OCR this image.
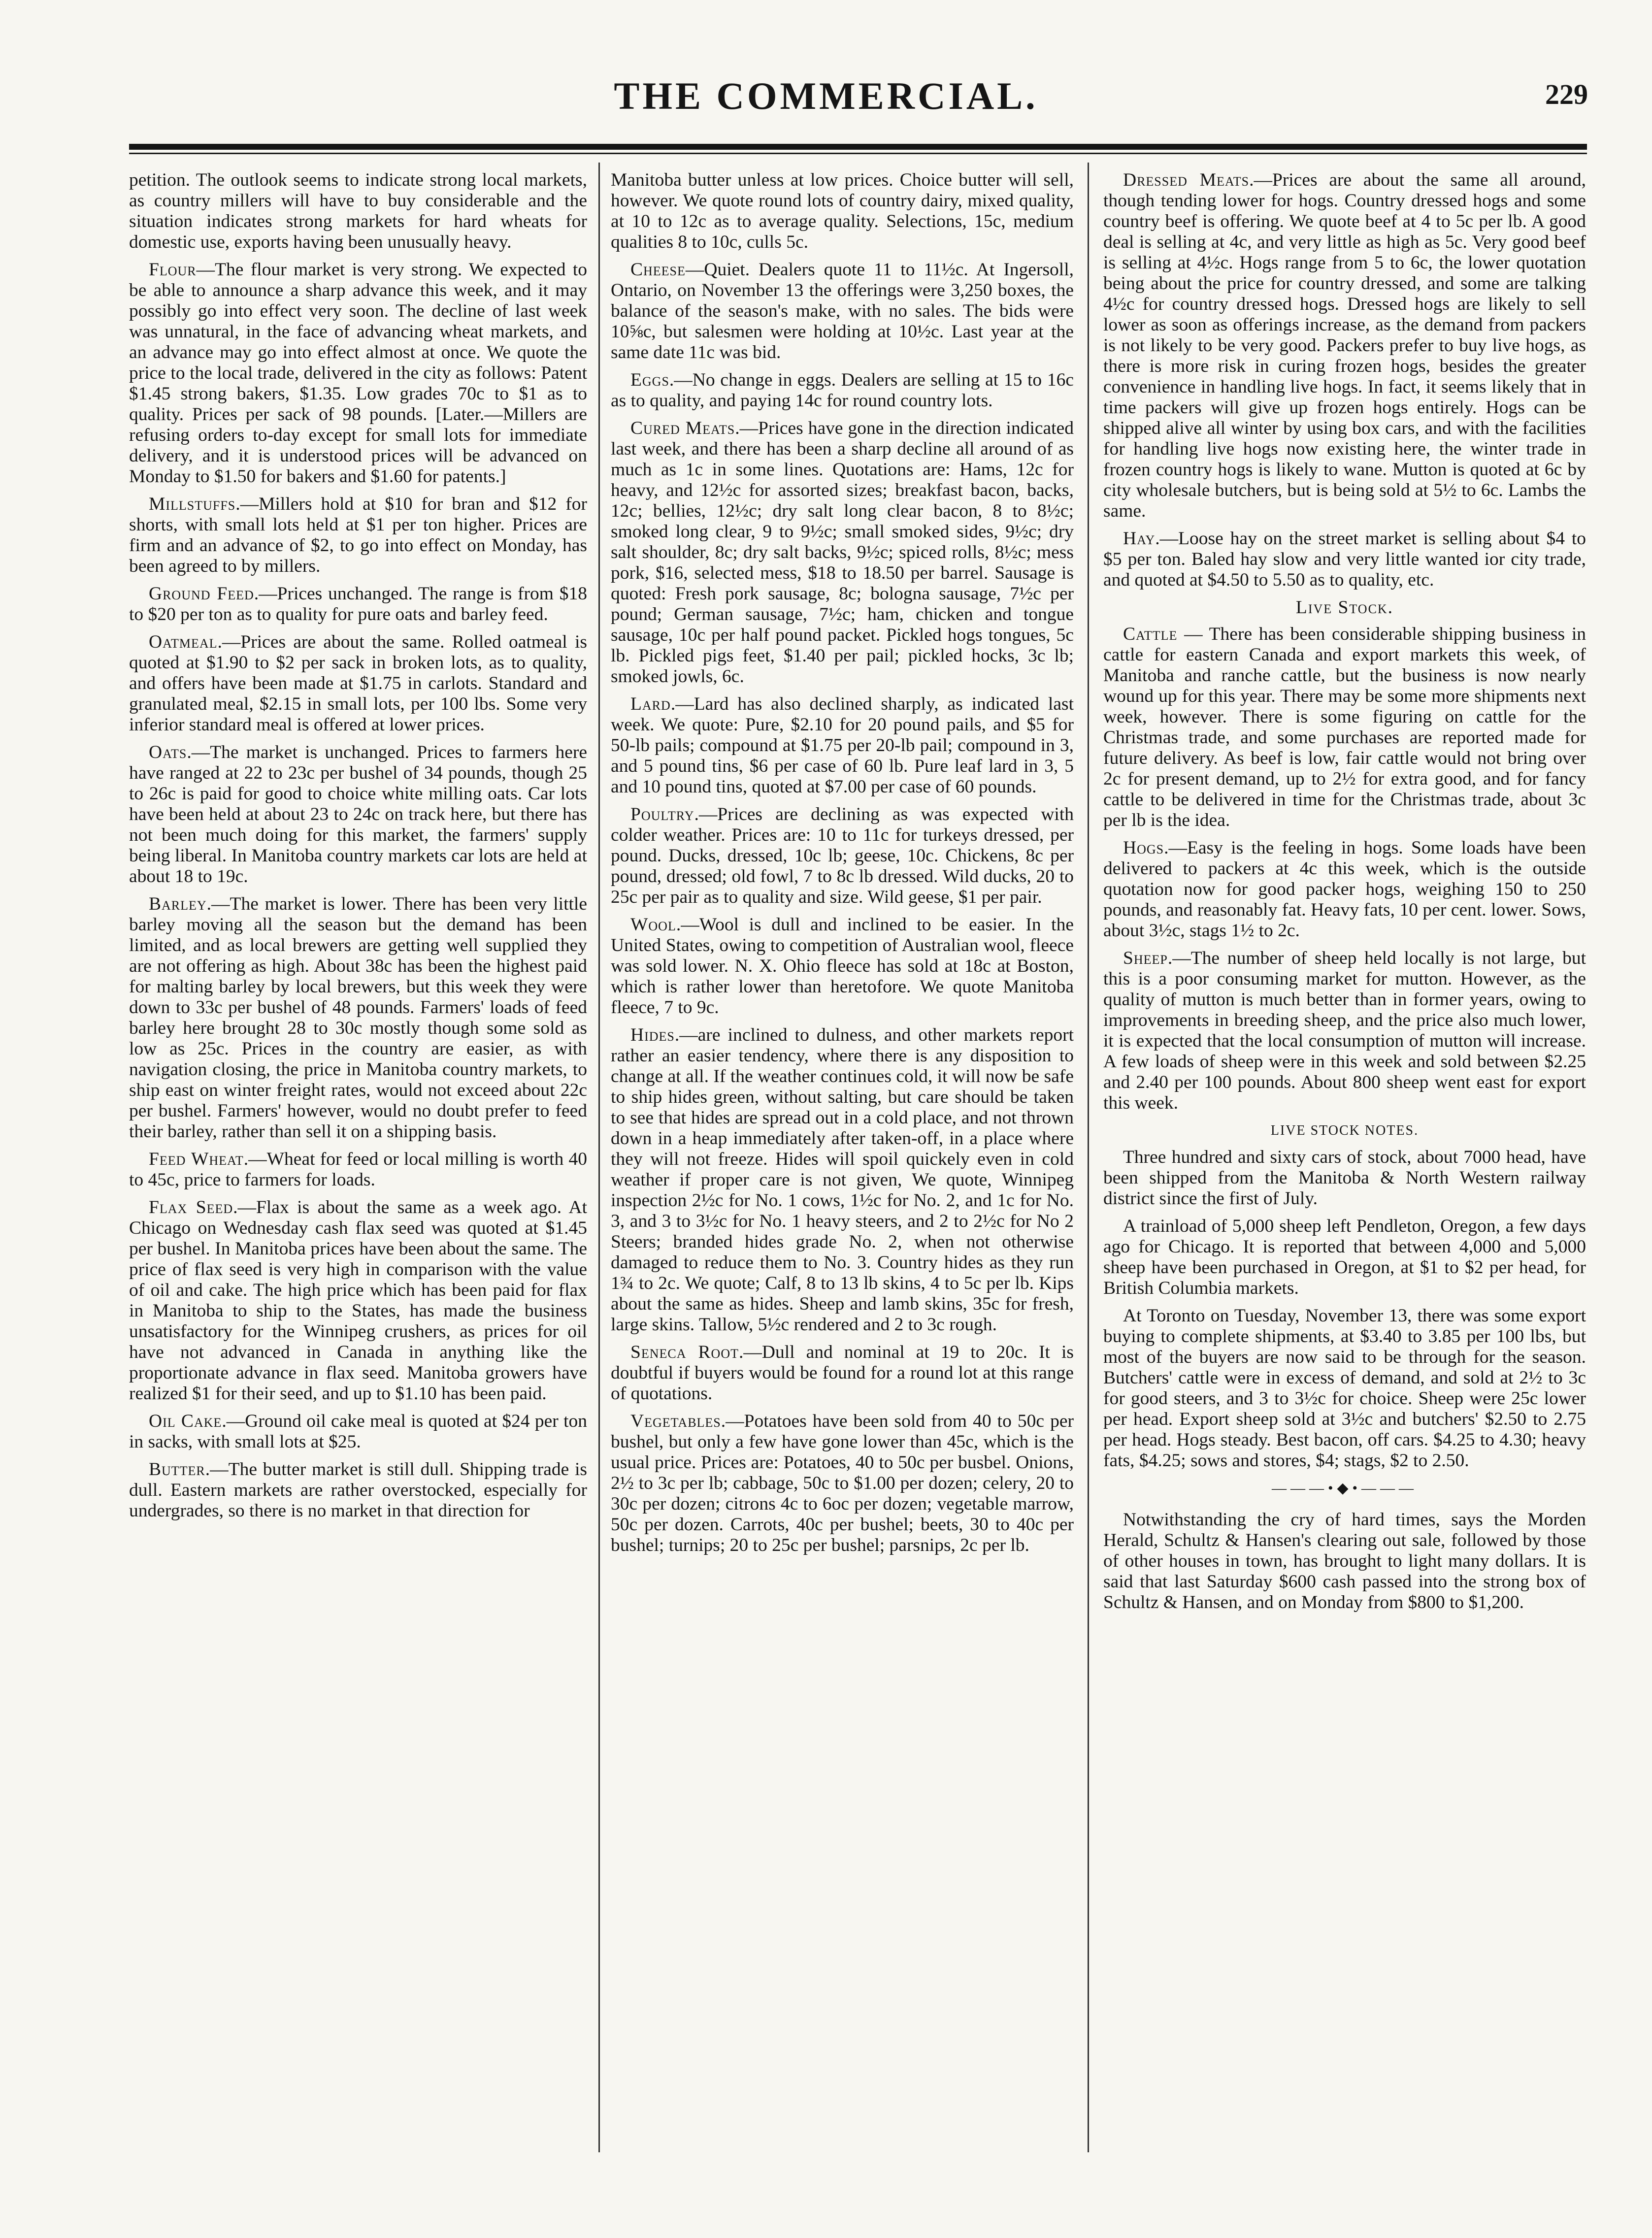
THE COMMERCIAL.	229

petition. The outlook seems to indicate strong local markets, as country millers will have to buy considerable and the situation indicates strong markets for hard wheats for domestic use, exports having been unusually heavy.

Flour—The flour market is very strong. We expected to be able to announce a sharp advance this week, and it may possibly go into effect very soon. The decline of last week was unnatural, in the face of advancing wheat markets, and an advance may go into effect almost at once. We quote the price to the local trade, delivered in the city as follows: Patent $1.45 strong bakers, $1.35. Low grades 70c to $1 as to quality. Prices per sack of 98 pounds. [Later.—Millers are refusing orders to-day except for small lots for immediate delivery, and it is understood prices will be advanced on Monday to $1.50 for bakers and $1.60 for patents.]

Millstuffs.—Millers hold at $10 for bran and $12 for shorts, with small lots held at $1 per ton higher. Prices are firm and an advance of $2, to go into effect on Monday, has been agreed to by millers.

Ground Feed.—Prices unchanged. The range is from $18 to $20 per ton as to quality for pure oats and barley feed.

Oatmeal.—Prices are about the same. Rolled oatmeal is quoted at $1.90 to $2 per sack in broken lots, as to quality, and offers have been made at $1.75 in carlots. Standard and granulated meal, $2.15 in small lots, per 100 lbs. Some very inferior standard meal is offered at lower prices.

Oats.—The market is unchanged. Prices to farmers here have ranged at 22 to 23c per bushel of 34 pounds, though 25 to 26c is paid for good to choice white milling oats. Car lots have been held at about 23 to 24c on track here, but there has not been much doing for this market, the farmers' supply being liberal. In Manitoba country markets car lots are held at about 18 to 19c.

Barley.—The market is lower. There has been very little barley moving all the season but the demand has been limited, and as local brewers are getting well supplied they are not offering as high. About 38c has been the highest paid for malting barley by local brewers, but this week they were down to 33c per bushel of 48 pounds. Farmers' loads of feed barley here brought 28 to 30c mostly though some sold as low as 25c. Prices in the country are easier, as with navigation closing, the price in Manitoba country markets, to ship east on winter freight rates, would not exceed about 22c per bushel. Farmers' however, would no doubt prefer to feed their barley, rather than sell it on a shipping basis.

Feed Wheat.—Wheat for feed or local milling is worth 40 to 45c, price to farmers for loads.

Flax Seed.—Flax is about the same as a week ago. At Chicago on Wednesday cash flax seed was quoted at $1.45 per bushel. In Manitoba prices have been about the same. The price of flax seed is very high in comparison with the value of oil and cake. The high price which has been paid for flax in Manitoba to ship to the States, has made the business unsatisfactory for the Winnipeg crushers, as prices for oil have not advanced in Canada in anything like the proportionate advance in flax seed. Manitoba growers have realized $1 for their seed, and up to $1.10 has been paid.

Oil Cake.—Ground oil cake meal is quoted at $24 per ton in sacks, with small lots at $25.

Butter.—The butter market is still dull. Shipping trade is dull. Eastern markets are rather overstocked, especially for undergrades, so there is no market in that direction for

Manitoba butter unless at low prices. Choice butter will sell, however. We quote round lots of country dairy, mixed quality, at 10 to 12c as to average quality. Selections, 15c, medium qualities 8 to 10c, culls 5c.

Cheese—Quiet. Dealers quote 11 to 11½c. At Ingersoll, Ontario, on November 13 the offerings were 3,250 boxes, the balance of the season's make, with no sales. The bids were 10⅝c, but salesmen were holding at 10½c. Last year at the same date 11c was bid.

Eggs.—No change in eggs. Dealers are selling at 15 to 16c as to quality, and paying 14c for round country lots.

Cured Meats.—Prices have gone in the direction indicated last week, and there has been a sharp decline all around of as much as 1c in some lines. Quotations are: Hams, 12c for heavy, and 12½c for assorted sizes; breakfast bacon, backs, 12c; bellies, 12½c; dry salt long clear bacon, 8 to 8½c; smoked long clear, 9 to 9½c; small smoked sides, 9½c; dry salt shoulder, 8c; dry salt backs, 9½c; spiced rolls, 8½c; mess pork, $16, selected mess, $18 to 18.50 per barrel. Sausage is quoted: Fresh pork sausage, 8c; bologna sausage, 7½c per pound; German sausage, 7½c; ham, chicken and tongue sausage, 10c per half pound packet. Pickled hogs tongues, 5c lb. Pickled pigs feet, $1.40 per pail; pickled hocks, 3c lb; smoked jowls, 6c.

Lard.—Lard has also declined sharply, as indicated last week. We quote: Pure, $2.10 for 20 pound pails, and $5 for 50-lb pails; compound at $1.75 per 20-lb pail; compound in 3, and 5 pound tins, $6 per case of 60 lb. Pure leaf lard in 3, 5 and 10 pound tins, quoted at $7.00 per case of 60 pounds.

Poultry.—Prices are declining as was expected with colder weather. Prices are: 10 to 11c for turkeys dressed, per pound. Ducks, dressed, 10c lb; geese, 10c. Chickens, 8c per pound, dressed; old fowl, 7 to 8c lb dressed. Wild ducks, 20 to 25c per pair as to quality and size. Wild geese, $1 per pair.

Wool.—Wool is dull and inclined to be easier. In the United States, owing to competition of Australian wool, fleece was sold lower. N. X. Ohio fleece has sold at 18c at Boston, which is rather lower than heretofore. We quote Manitoba fleece, 7 to 9c.

Hides.—are inclined to dulness, and other markets report rather an easier tendency, where there is any disposition to change at all. If the weather continues cold, it will now be safe to ship hides green, without salting, but care should be taken to see that hides are spread out in a cold place, and not thrown down in a heap immediately after taken-off, in a place where they will not freeze. Hides will spoil quickely even in cold weather if proper care is not given, We quote, Winnipeg inspection 2½c for No. 1 cows, 1½c for No. 2, and 1c for No. 3, and 3 to 3½c for No. 1 heavy steers, and 2 to 2½c for No 2 Steers; branded hides grade No. 2, when not otherwise damaged to reduce them to No. 3. Country hides as they run 1¾ to 2c. We quote; Calf, 8 to 13 lb skins, 4 to 5c per lb. Kips about the same as hides. Sheep and lamb skins, 35c for fresh, large skins. Tallow, 5½c rendered and 2 to 3c rough.

Seneca Root.—Dull and nominal at 19 to 20c. It is doubtful if buyers would be found for a round lot at this range of quotations.

Vegetables.—Potatoes have been sold from 40 to 50c per bushel, but only a few have gone lower than 45c, which is the usual price. Prices are: Potatoes, 40 to 50c per busbel. Onions, 2½ to 3c per lb; cabbage, 50c to $1.00 per dozen; celery, 20 to 30c per dozen; citrons 4c to 6oc per dozen; vegetable marrow, 50c per dozen. Carrots, 40c per bushel; beets, 30 to 40c per bushel; turnips; 20 to 25c per bushel; parsnips, 2c per lb.

Dressed Meats.—Prices are about the same all around, though tending lower for hogs. Country dressed hogs and some country beef is offering. We quote beef at 4 to 5c per lb. A good deal is selling at 4c, and very little as high as 5c. Very good beef is selling at 4½c. Hogs range from 5 to 6c, the lower quotation being about the price for country dressed, and some are talking 4½c for country dressed hogs. Dressed hogs are likely to sell lower as soon as offerings increase, as the demand from packers is not likely to be very good. Packers prefer to buy live hogs, as there is more risk in curing frozen hogs, besides the greater convenience in handling live hogs. In fact, it seems likely that in time packers will give up frozen hogs entirely. Hogs can be shipped alive all winter by using box cars, and with the facilities for handling live hogs now existing here, the winter trade in frozen country hogs is likely to wane. Mutton is quoted at 6c by city wholesale butchers, but is being sold at 5½ to 6c. Lambs the same.

Hay.—Loose hay on the street market is selling about $4 to $5 per ton. Baled hay slow and very little wanted ior city trade, and quoted at $4.50 to 5.50 as to quality, etc.

Live Stock.

Cattle — There has been considerable shipping business in cattle for eastern Canada and export markets this week, of Manitoba and ranche cattle, but the business is now nearly wound up for this year. There may be some more shipments next week, however. There is some figuring on cattle for the Christmas trade, and some purchases are reported made for future delivery. As beef is low, fair cattle would not bring over 2c for present demand, up to 2½ for extra good, and for fancy cattle to be delivered in time for the Christmas trade, about 3c per lb is the idea.

Hogs.—Easy is the feeling in hogs. Some loads have been delivered to packers at 4c this week, which is the outside quotation now for good packer hogs, weighing 150 to 250 pounds, and reasonably fat. Heavy fats, 10 per cent. lower. Sows, about 3½c, stags 1½ to 2c.

Sheep.—The number of sheep held locally is not large, but this is a poor consuming market for mutton. However, as the quality of mutton is much better than in former years, owing to improvements in breeding sheep, and the price also much lower, it is expected that the local consumption of mutton will increase. A few loads of sheep were in this week and sold between $2.25 and 2.40 per 100 pounds. About 800 sheep went east for export this week.

LIVE STOCK NOTES.

Three hundred and sixty cars of stock, about 7000 head, have been shipped from the Manitoba & North Western railway district since the first of July.

A trainload of 5,000 sheep left Pendleton, Oregon, a few days ago for Chicago. It is reported that between 4,000 and 5,000 sheep have been purchased in Oregon, at $1 to $2 per head, for British Columbia markets.

At Toronto on Tuesday, November 13, there was some export buying to complete shipments, at $3.40 to 3.85 per 100 lbs, but most of the buyers are now said to be through for the season. Butchers' cattle were in excess of demand, and sold at 2½ to 3c for good steers, and 3 to 3½c for choice. Sheep were 25c lower per head. Export sheep sold at 3½c and butchers' $2.50 to 2.75 per head. Hogs steady. Best bacon, off cars. $4.25 to 4.30; heavy fats, $4.25; sows and stores, $4; stags, $2 to 2.50.

———•◆•———

Notwithstanding the cry of hard times, says the Morden Herald, Schultz & Hansen's clearing out sale, followed by those of other houses in town, has brought to light many dollars. It is said that last Saturday $600 cash passed into the strong box of Schultz & Hansen, and on Monday from $800 to $1,200.
